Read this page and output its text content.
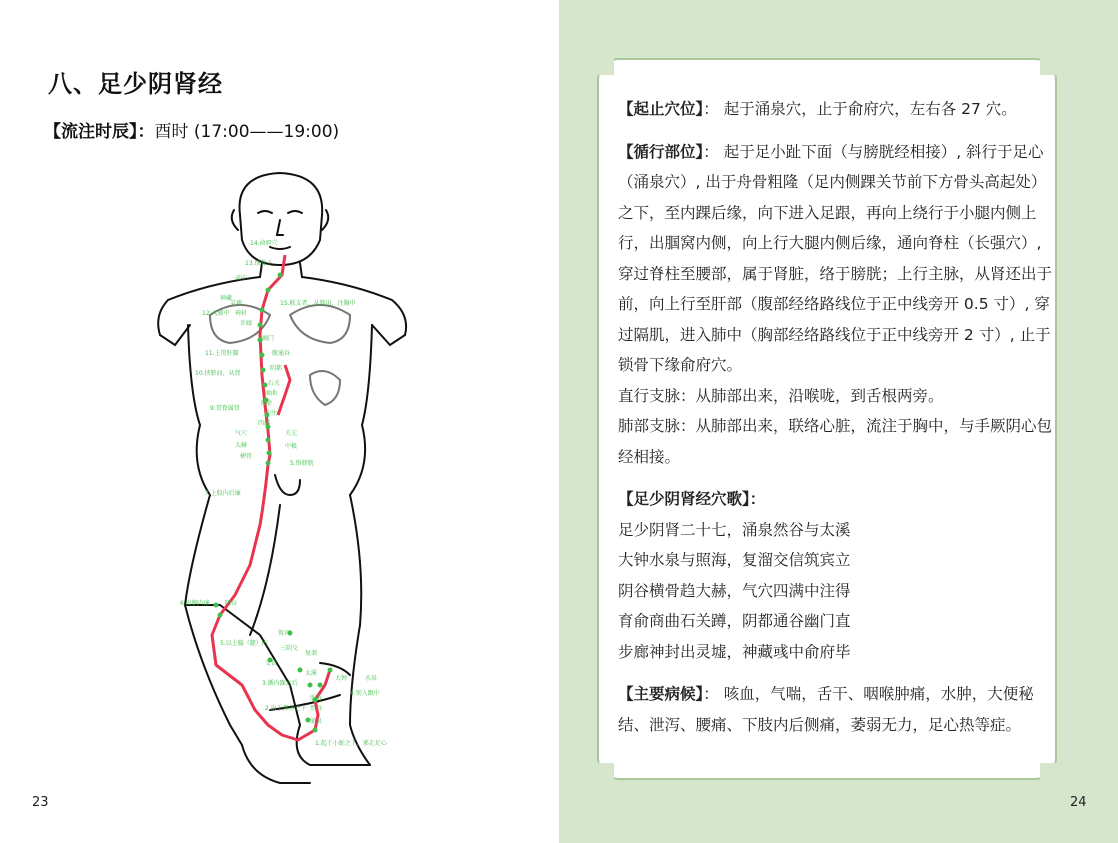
八、足少阴肾经
【流注时辰】：酉时 (17:00——19:00)
14.俞府穴
13.锁骨下
或中
神藏
灵墟
神封
步廊
12.入肺中
15.联支者，从肺出，注胸中
幽门
11.上贯肝膈	腹通谷
阴都
10.挟脐而，从肾
石关
商曲
育俞
9.贯脊属肾
中注
四满
气穴	关元
大赫	中极
横骨
5.络膀胱
7.上股内后廉
6.出腘内廉	阴谷
5.以上腨（腿）内
筑宾
三阴交
交信
复溜
3.循内踝之后
太溪
大钟	水泉
4.别入跟中
照海
2.出于然谷之下 然谷
涌泉
1.起于小趾之下，邪走足心
23

【起止穴位】： 起于涌泉穴，止于俞府穴，左右各 27 穴。

【循行部位】： 起于足小趾下面（与膀胱经相接）, 斜行于足心（涌泉穴）, 出于舟骨粗隆（足内侧踝关节前下方骨头高起处）之下，至内踝后缘，向下进入足跟，再向上绕行于小腿内侧上行，出腘窝内侧，向上行大腿内侧后缘，通向脊柱（长强穴）, 穿过脊柱至腰部，属于肾脏，络于膀胱；上行主脉，从肾还出于前，向上行至肝部（腹部经络路线位于正中线旁开 0.5 寸）, 穿过隔肌，进入肺中（胸部经络路线位于正中线旁开 2 寸）, 止于锁骨下缘俞府穴。

直行支脉：从肺部出来，沿喉咙，到舌根两旁。

肺部支脉：从肺部出来，联络心脏，流注于胸中，与手厥阴心包经相接。

【足少阴肾经穴歌】：

足少阴肾二十七，涌泉然谷与太溪

大钟水泉与照海，复溜交信筑宾立

阴谷横骨趋大赫，气穴四满中注得

育俞商曲石关蹲，阴都通谷幽门直

步廊神封出灵墟，神藏彧中俞府毕

【主要病候】： 咳血，气喘，舌干、咽喉肿痛，水肿，大便秘结、泄泻、腰痛、下肢内后侧痛，萎弱无力，足心热等症。

24
